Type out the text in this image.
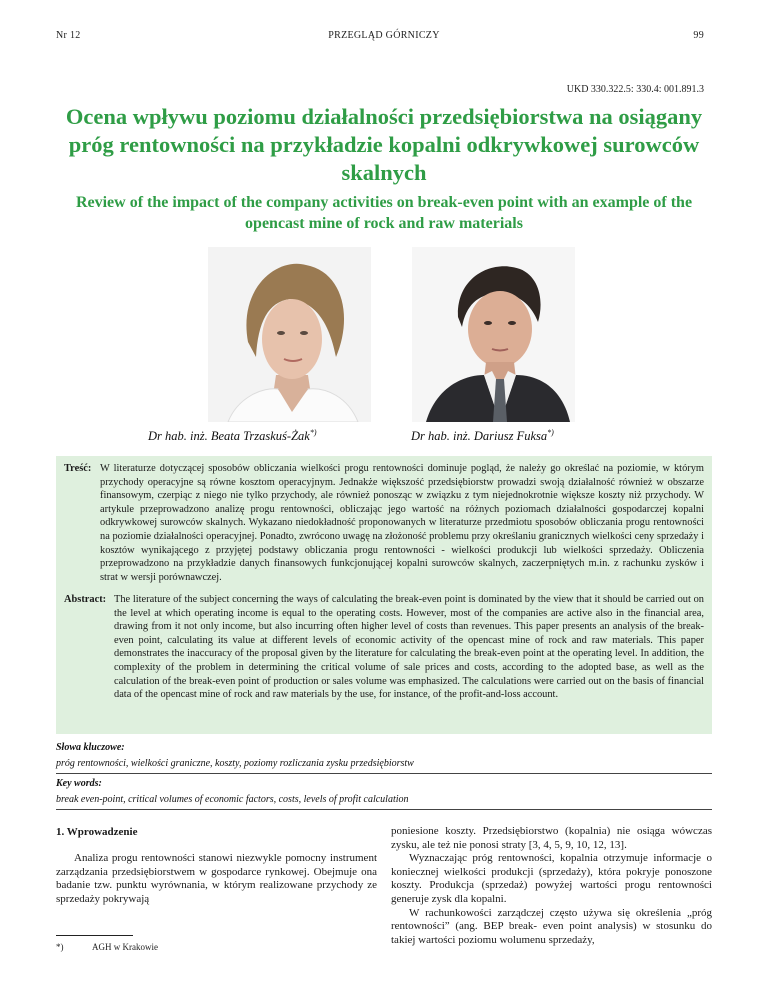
Nr 12	PRZEGLĄD GÓRNICZY	99
UKD 330.322.5: 330.4: 001.891.3
Ocena wpływu poziomu działalności przedsiębiorstwa na osiągany próg rentowności na przykładzie kopalni odkrywkowej surowców skalnych
Review of the impact of the company activities on break-even point with an example of the opencast mine of rock and raw materials
Dr hab. inż. Beata Trzaskuś-Żak*)	Dr hab. inż. Dariusz Fuksa*)
Treść: W literaturze dotyczącej sposobów obliczania wielkości progu rentowności dominuje pogląd, że należy go określać na poziomie, w którym przychody operacyjne są równe kosztom operacyjnym. Jednakże większość przedsiębiorstw prowadzi swoją działalność również w obszarze finansowym, czerpiąc z niego nie tylko przychody, ale również ponosząc w związku z tym niejednokrotnie większe koszty niż przychody. W artykule przeprowadzono analizę progu rentowności, obliczając jego wartość na różnych poziomach działalności gospodarczej kopalni odkrywkowej surowców skalnych. Wykazano niedokładność proponowanych w literaturze przedmiotu sposobów obliczania progu rentowności na poziomie działalności operacyjnej. Ponadto, zwrócono uwagę na złożoność problemu przy określaniu granicznych wielkości ceny sprzedaży i kosztów wynikającego z przyjętej podstawy obliczania progu rentowności - wielkości produkcji lub wielkości sprzedaży. Obliczenia przeprowadzono na przykładzie danych finansowych funkcjonującej kopalni surowców skalnych, zaczerpniętych m.in. z rachunku zysków i strat w wersji porównawczej.
Abstract: The literature of the subject concerning the ways of calculating the break-even point is dominated by the view that it should be carried out on the level at which operating income is equal to the operating costs. However, most of the companies are active also in the financial area, drawing from it not only income, but also incurring often higher level of costs than revenues. This paper presents an analysis of the break-even point, calculating its value at different levels of economic activity of the opencast mine of rock and raw materials. This paper demonstrates the inaccuracy of the proposal given by the literature for calculating the break-even point at the operating level. In addition, the complexity of the problem in determining the critical volume of sale prices and costs, according to the adopted base, as well as the calculation of the break-even point of production or sales volume was emphasized. The calculations were carried out on the basis of financial data of the opencast mine of rock and raw materials by the use, for instance, of the profit-and-loss account.
Słowa kluczowe:
próg rentowności, wielkości graniczne, koszty, poziomy rozliczania zysku przedsiębiorstw
Key words:
break even-point, critical volumes of economic factors, costs, levels of profit calculation
1. Wprowadzenie
Analiza progu rentowności stanowi niezwykle pomocny instrument zarządzania przedsiębiorstwem w gospodarce rynkowej. Obejmuje ona badanie tzw. punktu wyrównania, w którym realizowane przychody ze sprzedaży pokrywają

poniesione koszty. Przedsiębiorstwo (kopalnia) nie osiąga wówczas zysku, ale też nie ponosi straty [3, 4, 5, 9, 10, 12, 13].

Wyznaczając próg rentowności, kopalnia otrzymuje informacje o koniecznej wielkości produkcji (sprzedaży), która pokryje ponoszone koszty. Produkcja (sprzedaż) powyżej wartości progu rentowności generuje zysk dla kopalni.

W rachunkowości zarządczej często używa się określenia „próg rentowności” (ang. BEP break- even point analysis) w stosunku do takiej wartości poziomu wolumenu sprzedaży,

*)	AGH w Krakowie
